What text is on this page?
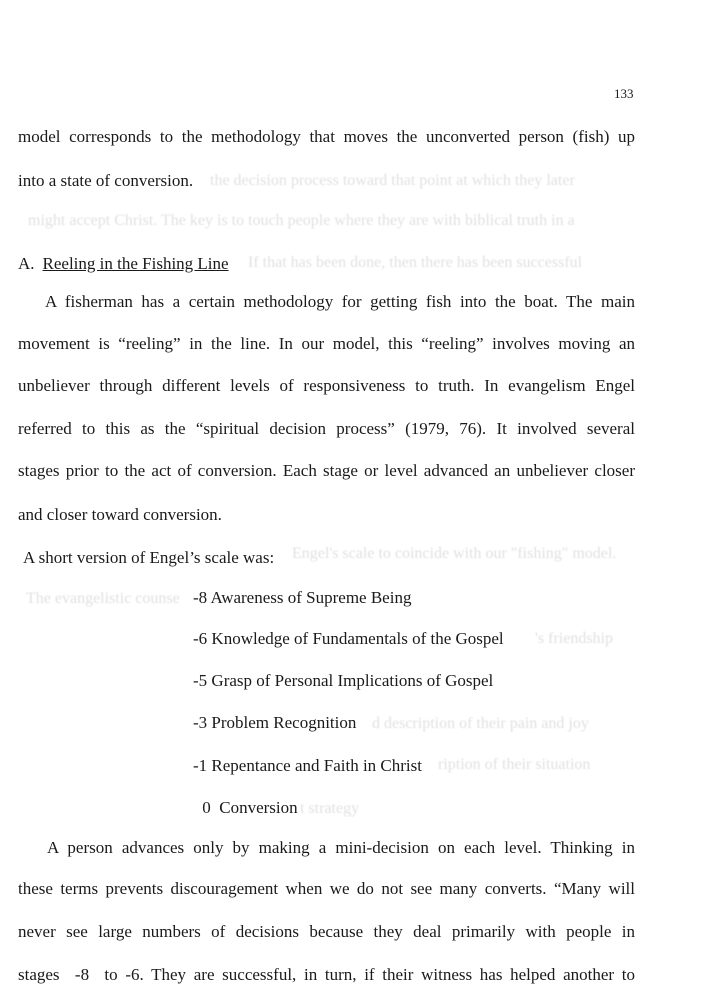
the decision process toward that point at which they later
might accept Christ. The key is to touch people where they are with biblical truth in a
If that has been done, then there has been successful
Engel's scale to coincide with our "fishing" model.
The evangelistic counse
's friendship
d description of their pain and joy
ription of their situation
t strategy
133
model corresponds to the methodology that moves the unconverted person (fish) up
into a state of conversion.
A. Reeling in the Fishing Line
A fisherman has a certain methodology for getting fish into the boat. The main
movement is “reeling” in the line. In our model, this “reeling” involves moving an
unbeliever through different levels of responsiveness to truth. In evangelism Engel
referred to this as the “spiritual decision process” (1979, 76). It involved several
stages prior to the act of conversion. Each stage or level advanced an unbeliever closer
and closer toward conversion.
A short version of Engel’s scale was:
-8 Awareness of Supreme Being
-6 Knowledge of Fundamentals of the Gospel
-5 Grasp of Personal Implications of Gospel
-3 Problem Recognition
-1 Repentance and Faith in Christ
0  Conversion
A person advances only by making a mini-decision on each level. Thinking in
these terms prevents discouragement when we do not see many converts. “Many will
never see large numbers of decisions because they deal primarily with people in
stages  -8  to -6. They are successful, in turn, if their witness has helped another to
